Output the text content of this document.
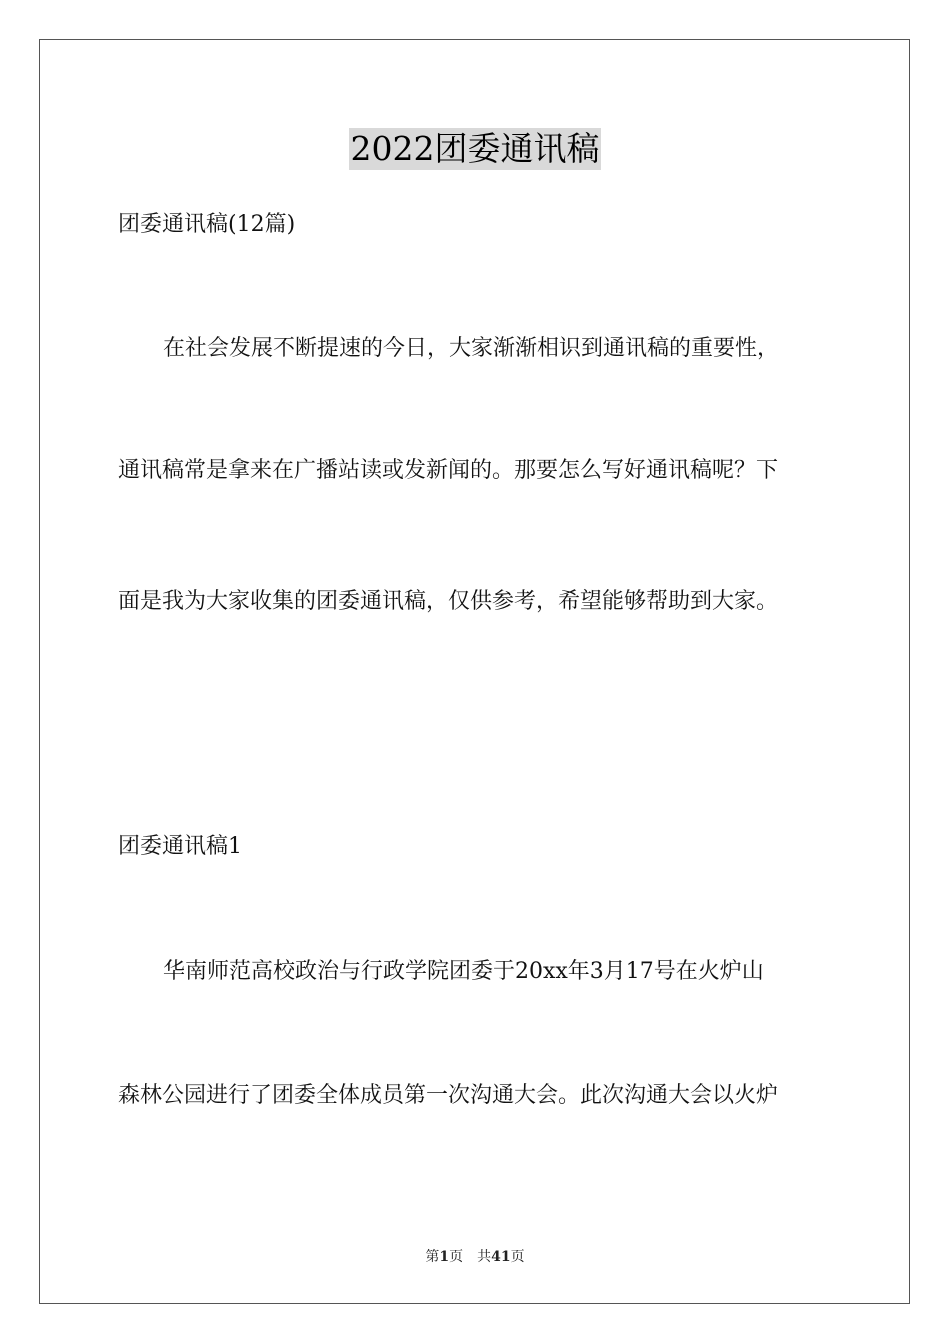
2022团委通讯稿
团委通讯稿(12篇)
在社会发展不断提速的今日，大家渐渐相识到通讯稿的重要性，
通讯稿常是拿来在广播站读或发新闻的。那要怎么写好通讯稿呢？下
面是我为大家收集的团委通讯稿，仅供参考，希望能够帮助到大家。
团委通讯稿1
华南师范高校政治与行政学院团委于20xx年3月17号在火炉山
森林公园进行了团委全体成员第一次沟通大会。此次沟通大会以火炉
第1页 共41页
